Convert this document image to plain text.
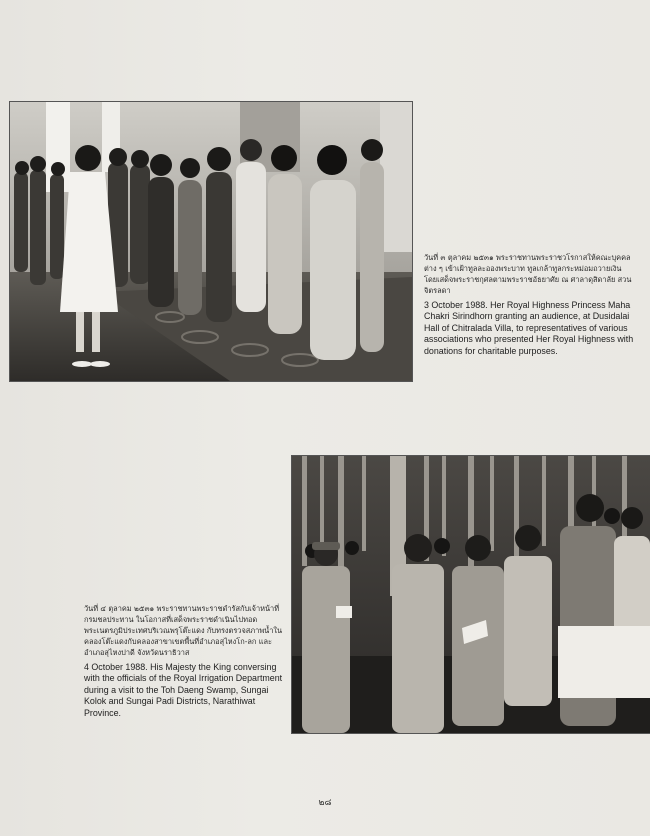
วันที่ ๓ ตุลาคม ๒๕๓๑ พระราชทานพระราชวโรกาสให้คณะบุคคลต่าง ๆ เข้าเฝ้าทูลละอองพระบาท ทูลเกล้าทูลกระหม่อมถวายเงินโดยเสด็จพระราชกุศลตามพระราชอัธยาศัย ณ ศาลาดุสิดาลัย สวนจิตรลดา
3 October 1988. Her Royal Highness Princess Maha Chakri Sirindhorn granting an audience, at Dusidalai Hall of Chitralada Villa, to representatives of various associations who presented Her Royal Highness with donations for charitable purposes.
วันที่ ๔ ตุลาคม ๒๕๓๑ พระราชทานพระราชดำรัสกับเจ้าหน้าที่กรมชลประทาน ในโอกาสที่เสด็จพระราชดำเนินไปทอดพระเนตรภูมิประเทศบริเวณพรุโต๊ะแดง กับทรงตรวจสภาพน้ำในคลองโต๊ะแดงกับคลองสาขาเขตพื้นที่อำเภอสุไหงโก-ลก และอำเภอสุไหงปาดี จังหวัดนราธิวาส
4 October 1988. His Majesty the King conversing with the officials of the Royal Irrigation Department during a visit to the Toh Daeng Swamp, Sungai Kolok and Sungai Padi Districts, Narathiwat Province.
๒๘
